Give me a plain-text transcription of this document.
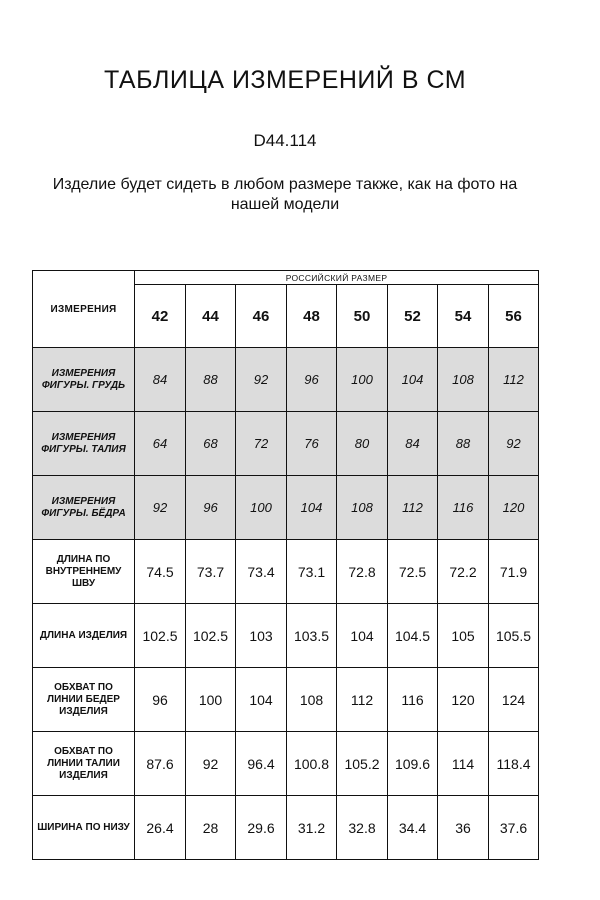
ТАБЛИЦА ИЗМЕРЕНИЙ В СМ
D44.114
Изделие будет сидеть в любом размере также, как на фото на нашей модели
ИЗМЕРЕНИЯ	РОССИЙСКИЙ РАЗМЕР							
	42	44	46	48	50	52	54	56
ИЗМЕРЕНИЯ ФИГУРЫ. ГРУДЬ	84	88	92	96	100	104	108	112
ИЗМЕРЕНИЯ ФИГУРЫ. ТАЛИЯ	64	68	72	76	80	84	88	92
ИЗМЕРЕНИЯ ФИГУРЫ. БЁДРА	92	96	100	104	108	112	116	120
ДЛИНА ПО ВНУТРЕННЕМУ ШВУ	74.5	73.7	73.4	73.1	72.8	72.5	72.2	71.9
ДЛИНА ИЗДЕЛИЯ	102.5	102.5	103	103.5	104	104.5	105	105.5
ОБХВАТ ПО ЛИНИИ БЕДЕР ИЗДЕЛИЯ	96	100	104	108	112	116	120	124
ОБХВАТ ПО ЛИНИИ ТАЛИИ ИЗДЕЛИЯ	87.6	92	96.4	100.8	105.2	109.6	114	118.4
ШИРИНА ПО НИЗУ	26.4	28	29.6	31.2	32.8	34.4	36	37.6
